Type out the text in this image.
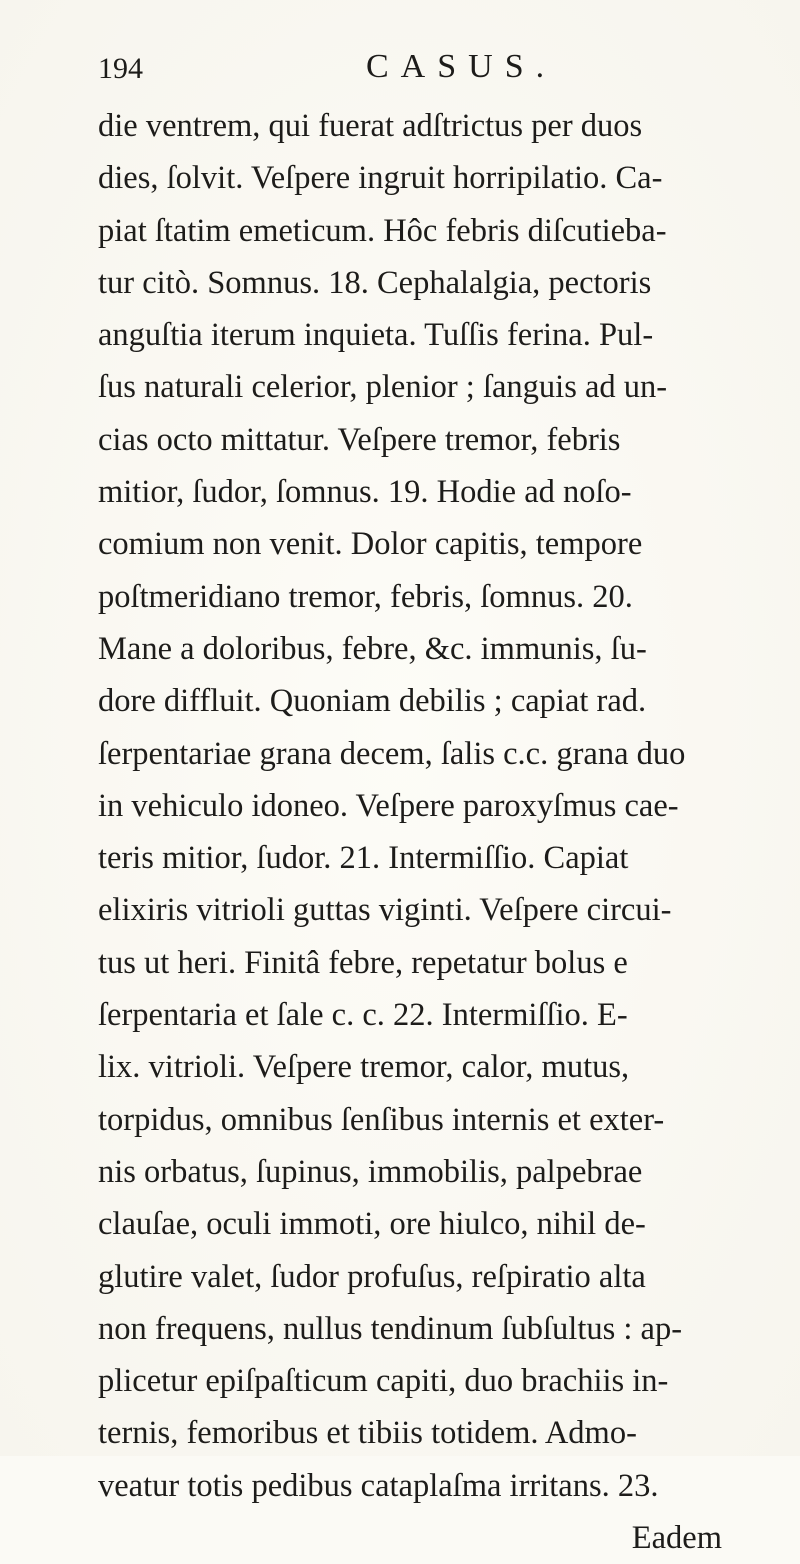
194	CASUS.
die ventrem, qui fuerat adſtrictus per duos
dies, ſolvit. Veſpere ingruit horripilatio. Ca-
piat ſtatim emeticum. Hôc febris diſcutieba-
tur citò. Somnus. 18. Cephalalgia, pectoris
anguſtia iterum inquieta. Tuſſis ferina. Pul-
ſus naturali celerior, plenior ; ſanguis ad un-
cias octo mittatur. Veſpere tremor, febris
mitior, ſudor, ſomnus. 19. Hodie ad noſo-
comium non venit. Dolor capitis, tempore
poſtmeridiano tremor, febris, ſomnus. 20.
Mane a doloribus, febre, &c. immunis, ſu-
dore diffluit. Quoniam debilis ; capiat rad.
ſerpentariae grana decem, ſalis c.c. grana duo
in vehiculo idoneo. Veſpere paroxyſmus cae-
teris mitior, ſudor. 21. Intermiſſio. Capiat
elixiris vitrioli guttas viginti. Veſpere circui-
tus ut heri. Finitâ febre, repetatur bolus e
ſerpentaria et ſale c. c. 22. Intermiſſio. E-
lix. vitrioli. Veſpere tremor, calor, mutus,
torpidus, omnibus ſenſibus internis et exter-
nis orbatus, ſupinus, immobilis, palpebrae
clauſae, oculi immoti, ore hiulco, nihil de-
glutire valet, ſudor profuſus, reſpiratio alta
non frequens, nullus tendinum ſubſultus : ap-
plicetur epiſpaſticum capiti, duo brachiis in-
ternis, femoribus et tibiis totidem. Admo-
veatur totis pedibus cataplaſma irritans. 23.
Eadem
